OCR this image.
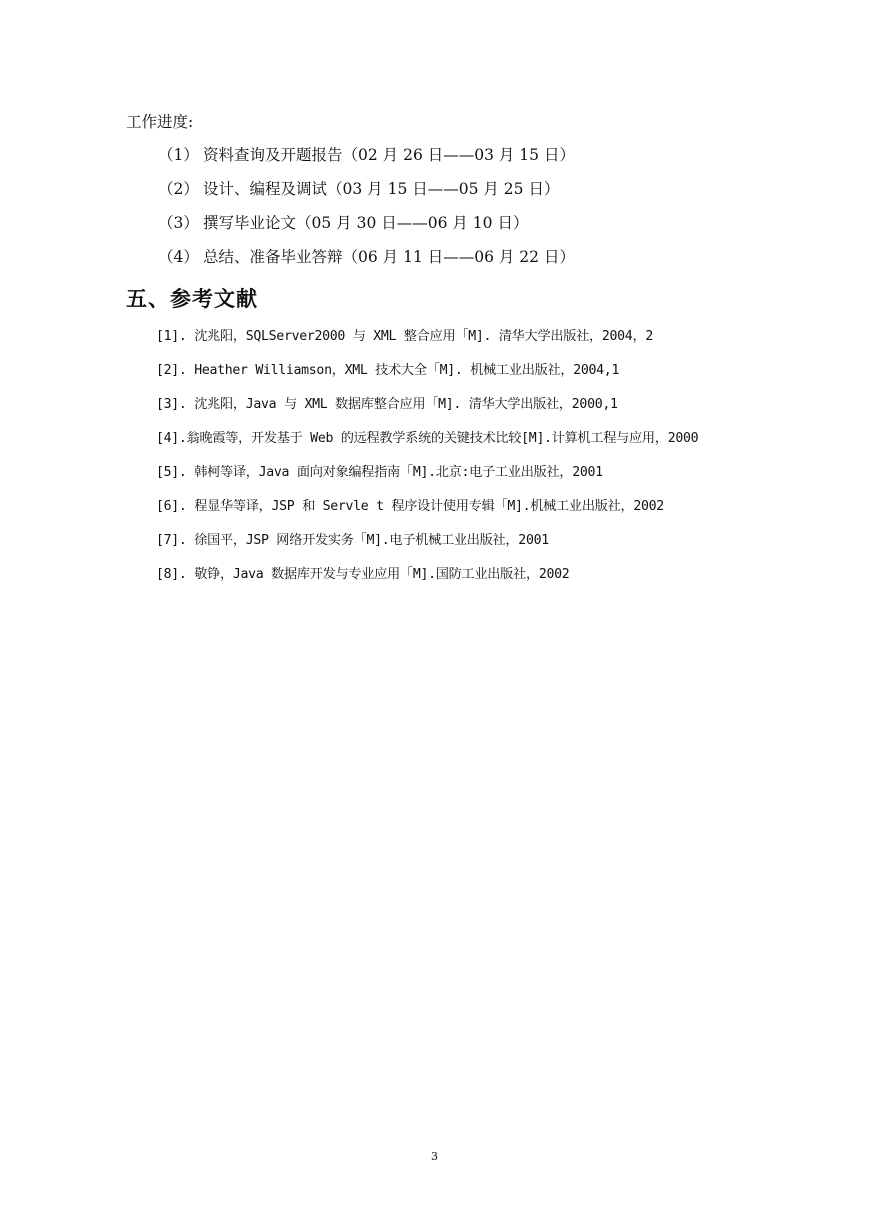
工作进度:
（1） 资料查询及开题报告（02 月 26 日——03 月 15 日）
（2） 设计、编程及调试（03 月 15 日——05 月 25 日）
（3） 撰写毕业论文（05 月 30 日——06 月 10 日）
（4） 总结、准备毕业答辩（06 月 11 日——06 月 22 日）
五、参考文献
[1]. 沈兆阳，SQLServer2000 与 XML 整合应用「M]. 清华大学出版社，2004，2
[2]. Heather Williamson，XML 技术大全「M]. 机械工业出版社，2004,1
[3]. 沈兆阳，Java 与 XML 数据库整合应用「M]. 清华大学出版社，2000,1
[4].翁晚霞等，开发基于 Web 的远程教学系统的关键技术比较[M].计算机工程与应用，2000
[5]. 韩柯等译，Java 面向对象编程指南「M].北京:电子工业出版社，2001
[6]. 程显华等译，JSP 和 Servle t 程序设计使用专辑「M].机械工业出版社，2002
[7]. 徐国平，JSP 网络开发实务「M].电子机械工业出版社，2001
[8]. 敬铮，Java 数据库开发与专业应用「M].国防工业出版社，2002
3
